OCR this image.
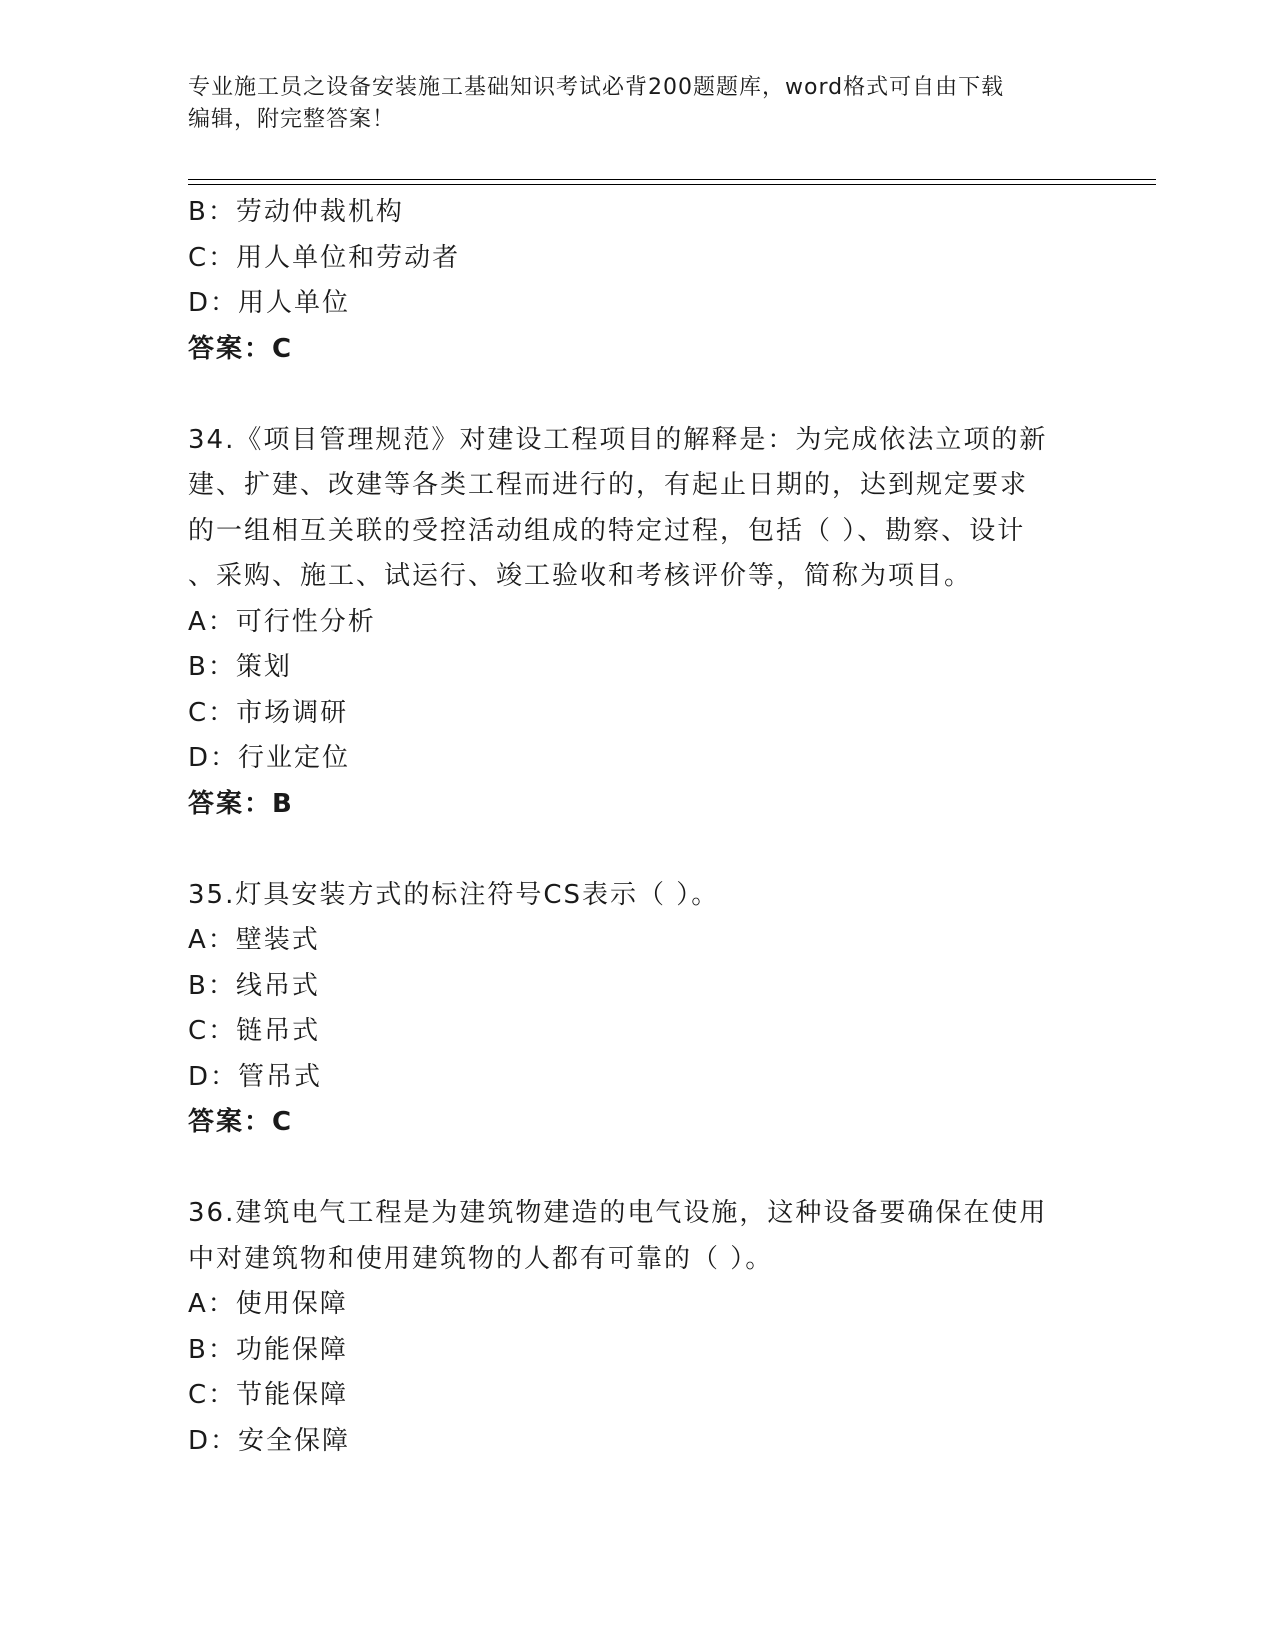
专业施工员之设备安装施工基础知识考试必背200题题库，word格式可自由下载
编辑，附完整答案！
B：劳动仲裁机构
C：用人单位和劳动者
D：用人单位
答案：C
34.《项目管理规范》对建设工程项目的解释是：为完成依法立项的新
建、扩建、改建等各类工程而进行的，有起止日期的，达到规定要求
的一组相互关联的受控活动组成的特定过程，包括（ ）、勘察、设计
、采购、施工、试运行、竣工验收和考核评价等，简称为项目。
A：可行性分析
B：策划
C：市场调研
D：行业定位
答案：B
35.灯具安装方式的标注符号CS表示（ ）。
A：壁装式
B：线吊式
C：链吊式
D：管吊式
答案：C
36.建筑电气工程是为建筑物建造的电气设施，这种设备要确保在使用
中对建筑物和使用建筑物的人都有可靠的（ ）。
A：使用保障
B：功能保障
C：节能保障
D：安全保障
